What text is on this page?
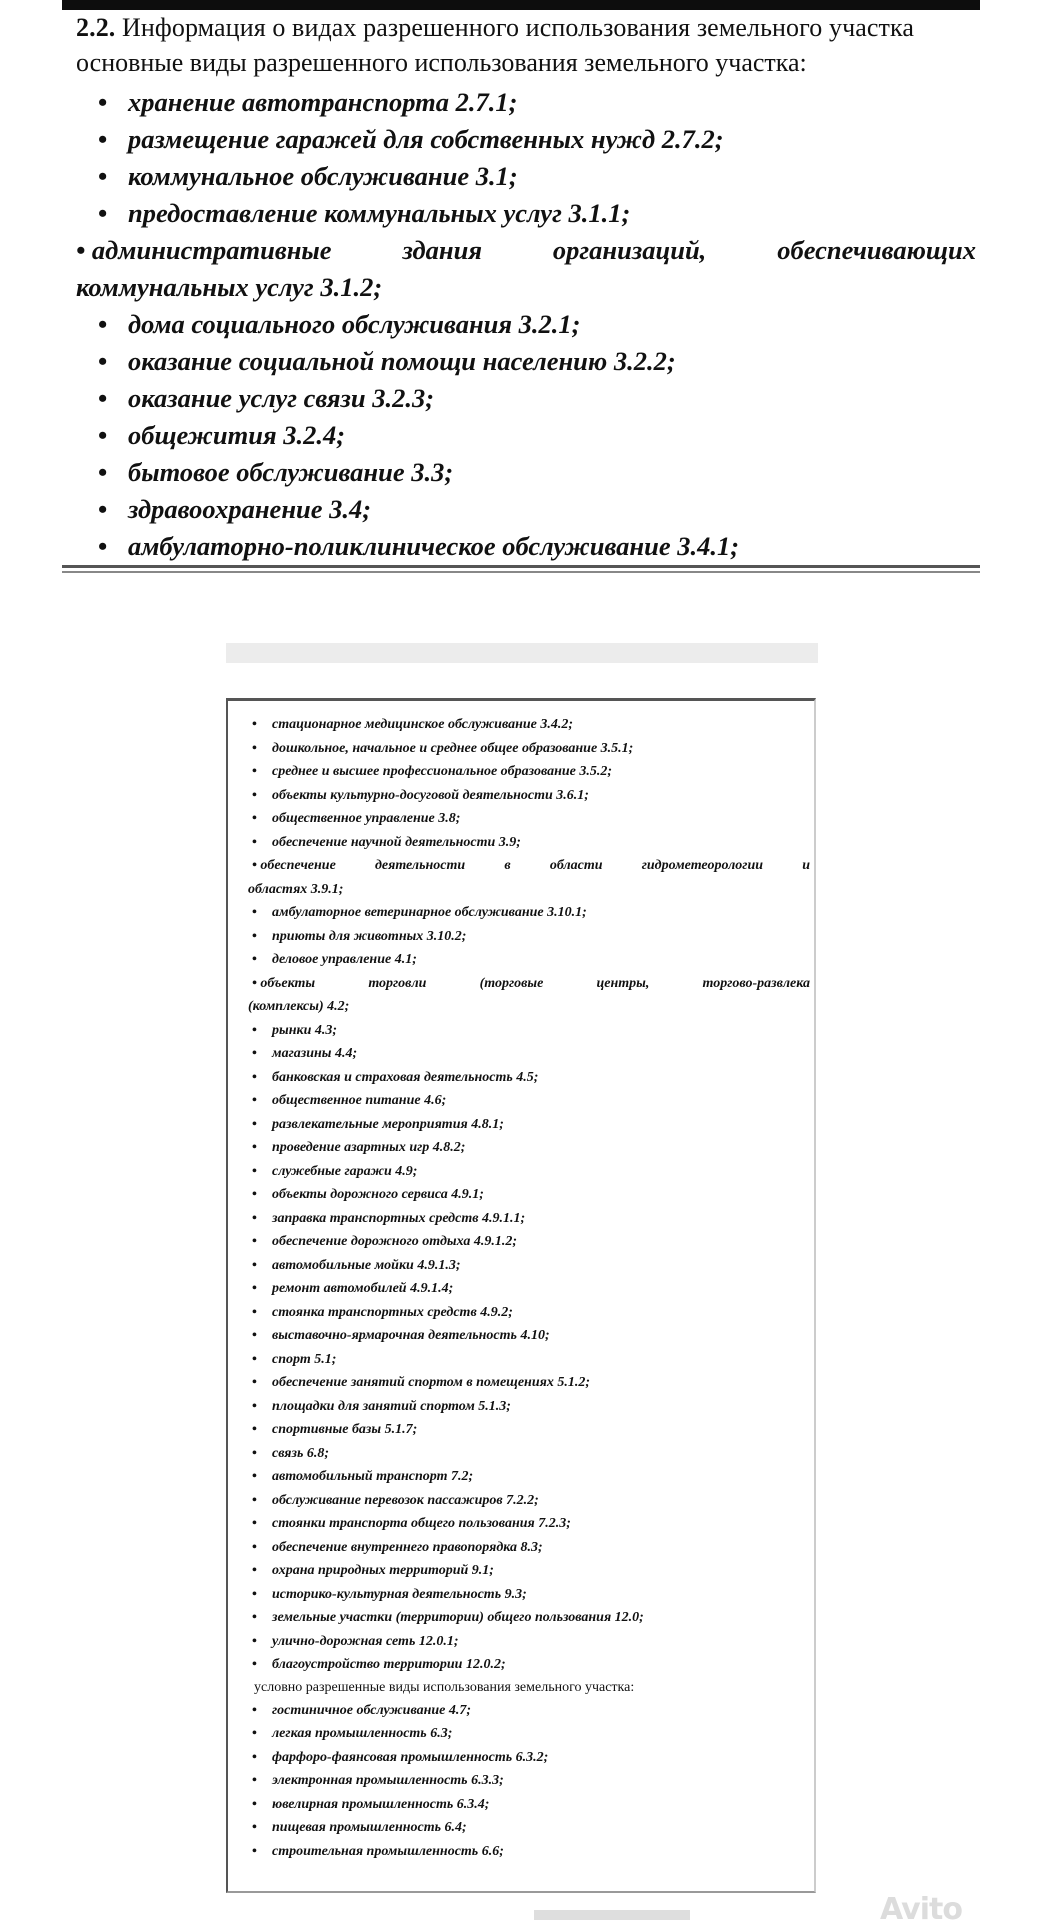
2.2. Информация о видах разрешенного использования земельного участка
основные виды разрешенного использования земельного участка:
• хранение автотранспорта 2.7.1;
• размещение гаражей для собственных нужд 2.7.2;
• коммунальное обслуживание 3.1;
• предоставление коммунальных услуг 3.1.1;
• административные	здания	организаций,	обеспечивающих
коммунальных услуг 3.1.2;
• дома социального обслуживания 3.2.1;
• оказание социальной помощи населению 3.2.2;
• оказание услуг связи 3.2.3;
• общежития 3.2.4;
• бытовое обслуживание 3.3;
• здравоохранение 3.4;
• амбулаторно-поликлиническое обслуживание 3.4.1;
• стационарное медицинское обслуживание 3.4.2;
• дошкольное, начальное и среднее общее образование 3.5.1;
• среднее и высшее профессиональное образование 3.5.2;
• объекты культурно-досуговой деятельности 3.6.1;
• общественное управление 3.8;
• обеспечение научной деятельности 3.9;
• обеспечение	деятельности	в	области	гидрометеорологии	и
областях 3.9.1;
• амбулаторное ветеринарное обслуживание 3.10.1;
• приюты для животных 3.10.2;
• деловое управление 4.1;
• объекты	торговли	(торговые	центры,	торгово-развлека
(комплексы) 4.2;
• рынки 4.3;
• магазины 4.4;
• банковская и страховая деятельность 4.5;
• общественное питание 4.6;
• развлекательные мероприятия 4.8.1;
• проведение азартных игр 4.8.2;
• служебные гаражи 4.9;
• объекты дорожного сервиса 4.9.1;
• заправка транспортных средств 4.9.1.1;
• обеспечение дорожного отдыха 4.9.1.2;
• автомобильные мойки 4.9.1.3;
• ремонт автомобилей 4.9.1.4;
• стоянка транспортных средств 4.9.2;
• выставочно-ярмарочная деятельность 4.10;
• спорт 5.1;
• обеспечение занятий спортом в помещениях 5.1.2;
• площадки для занятий спортом 5.1.3;
• спортивные базы 5.1.7;
• связь 6.8;
• автомобильный транспорт 7.2;
• обслуживание перевозок пассажиров 7.2.2;
• стоянки транспорта общего пользования 7.2.3;
• обеспечение внутреннего правопорядка 8.3;
• охрана природных территорий 9.1;
• историко-культурная деятельность 9.3;
• земельные участки (территории) общего пользования 12.0;
• улично-дорожная сеть 12.0.1;
• благоустройство территории 12.0.2;
условно разрешенные виды использования земельного участка:
• гостиничное обслуживание 4.7;
• легкая промышленность 6.3;
• фарфоро-фаянсовая промышленность 6.3.2;
• электронная промышленность 6.3.3;
• ювелирная промышленность 6.3.4;
• пищевая промышленность 6.4;
• строительная промышленность 6.6;
Avito
